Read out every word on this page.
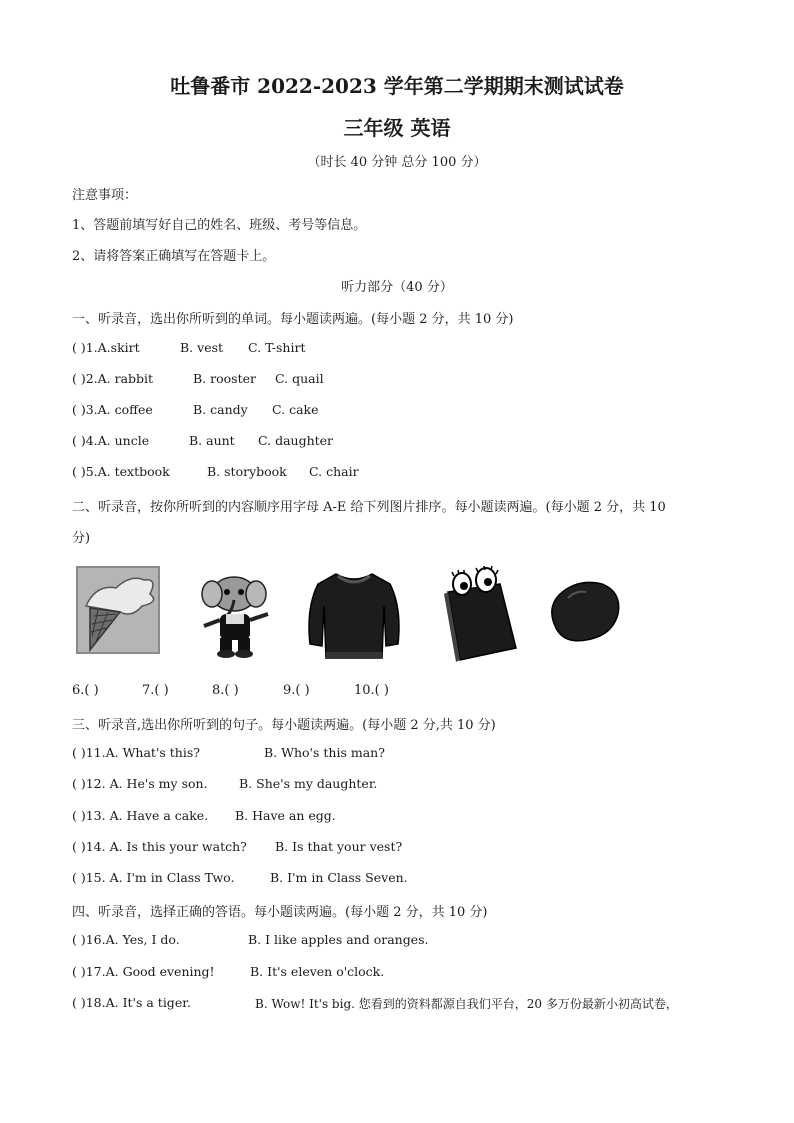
吐鲁番市 2022-2023 学年第二学期期末测试试卷
三年级 英语
（时长 40 分钟 总分 100 分）
注意事项：
1、答题前填写好自己的姓名、班级、考号等信息。
2、请将答案正确填写在答题卡上。
听力部分（40 分）
一、听录音，选出你所听到的单词。每小题读两遍。(每小题 2 分，共 10 分)
( )1.A.skirt	B. vest C. T-shirt
( )2.A. rabbit	B. rooster C. quail
( )3.A. coffee	B. candy C. cake
( )4.A. uncle	B. aunt C. daughter
( )5.A. textbook	B. storybook C. chair
二、听录音，按你所听到的内容顺序用字母 A-E 给下列图片排序。每小题读两遍。(每小题 2 分，共 10
分)
6.( )	7.( )	8.( )	9.( )	10.( )
三、听录音,选出你所听到的句子。每小题读两遍。(每小题 2 分,共 10 分)
( )11.A. What's this?	B. Who's this man?
( )12. A. He's my son.	B. She's my daughter.
( )13. A. Have a cake. B. Have an egg.
( )14. A. Is this your watch? B. Is that your vest?
( )15. A. I'm in Class Two.	B. I'm in Class Seven.
四、听录音，选择正确的答语。每小题读两遍。(每小题 2 分，共 10 分)
( )16.A. Yes, I do.	B. I like apples and oranges.
( )17.A. Good evening!	B. It's eleven o'clock.
( )18.A. It's a tiger.	B. Wow! It's big. 您看到的资料都源自我们平台，20 多万份最新小初高试卷，
